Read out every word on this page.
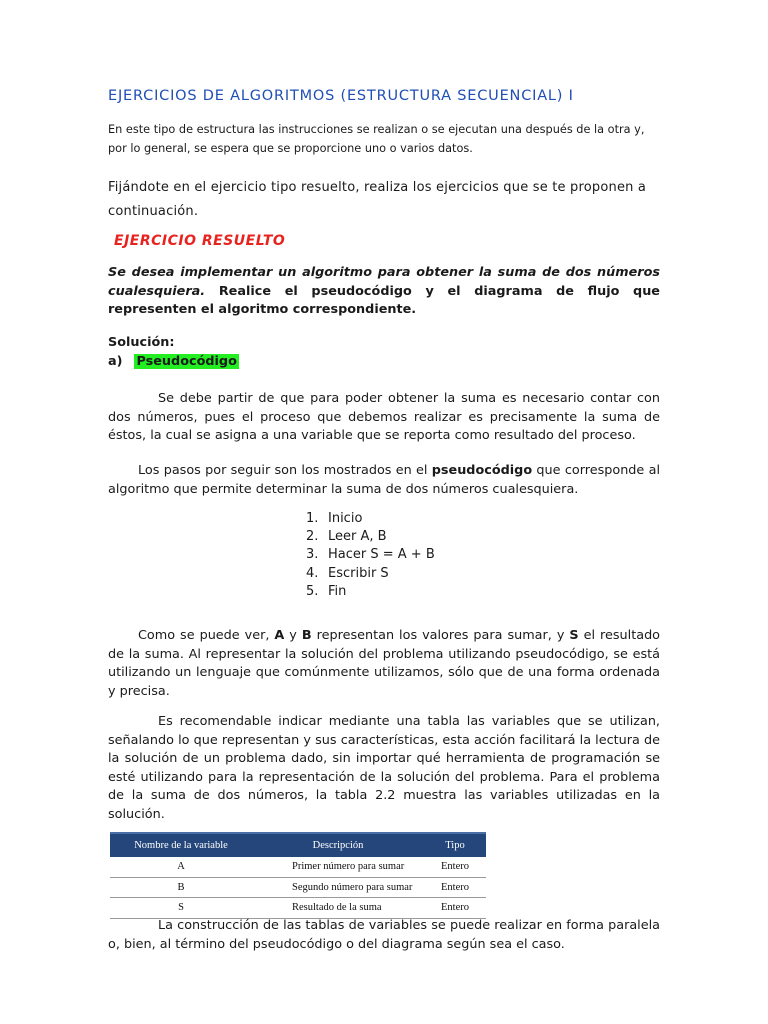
EJERCICIOS DE ALGORITMOS (ESTRUCTURA SECUENCIAL) I
En este tipo de estructura las instrucciones se realizan o se ejecutan una después de la otra y, por lo general, se espera que se proporcione uno o varios datos.
Fijándote en el ejercicio tipo resuelto, realiza los ejercicios que se te proponen a continuación.
EJERCICIO RESUELTO
Se desea implementar un algoritmo para obtener la suma de dos números cualesquiera. Realice el pseudocódigo y el diagrama de flujo que representen el algoritmo correspondiente.
Solución:
a) Pseudocódigo
Se debe partir de que para poder obtener la suma es necesario contar con dos números, pues el proceso que debemos realizar es precisamente la suma de éstos, la cual se asigna a una variable que se reporta como resultado del proceso.
Los pasos por seguir son los mostrados en el pseudocódigo que corresponde al algoritmo que permite determinar la suma de dos números cualesquiera.
1. Inicio
2. Leer A, B
3. Hacer S = A + B
4. Escribir S
5. Fin
Como se puede ver, A y B representan los valores para sumar, y S el resultado de la suma. Al representar la solución del problema utilizando pseudocódigo, se está utilizando un lenguaje que comúnmente utilizamos, sólo que de una forma ordenada y precisa.
Es recomendable indicar mediante una tabla las variables que se utilizan, señalando lo que representan y sus características, esta acción facilitará la lectura de la solución de un problema dado, sin importar qué herramienta de programación se esté utilizando para la representación de la solución del problema. Para el problema de la suma de dos números, la tabla 2.2 muestra las variables utilizadas en la solución.
Nombre de la variable	Descripción	Tipo
A	Primer número para sumar	Entero
B	Segundo número para sumar	Entero
S	Resultado de la suma	Entero
La construcción de las tablas de variables se puede realizar en forma paralela o, bien, al término del pseudocódigo o del diagrama según sea el caso.
